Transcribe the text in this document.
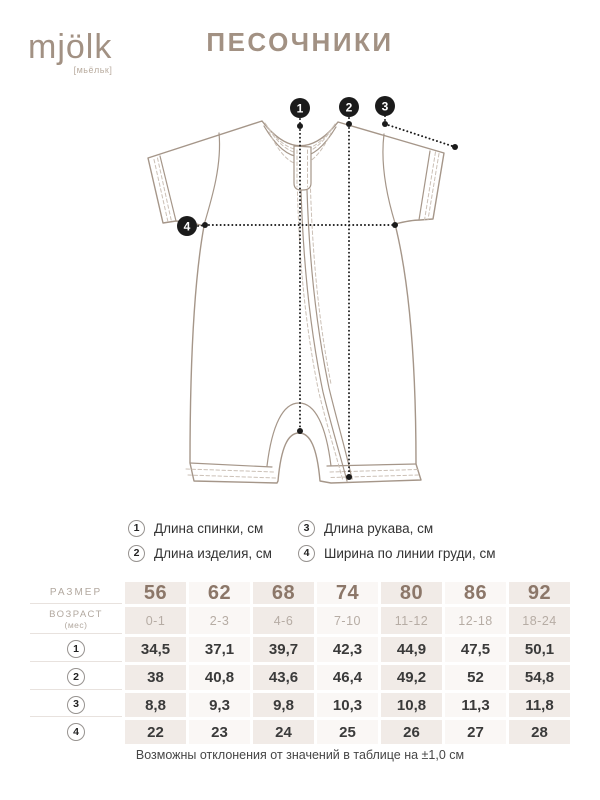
mjölk
[мьёльк]
ПЕСОЧНИКИ
1	2 3
4
1	Длина спинки, см
2	Длина изделия, см
3	Длина рукава, см
4	Ширина по линии груди, см
РАЗМЕР 56 62 68 74 80 86 92
ВОЗРАСТ
(мес)	0-1	2-3	4-6	7-10	11-12 12-18 18-24
1	34,5 37,1 39,7 42,3 44,9 47,5 50,1
2	38	40,8 43,6 46,4 49,2	52	54,8
3	8,8	9,3	9,8	10,3 10,8 11,3 11,8
4	22	23	24	25	26	27	28

Возможны отклонения от значений в таблице на ±1,0 см
